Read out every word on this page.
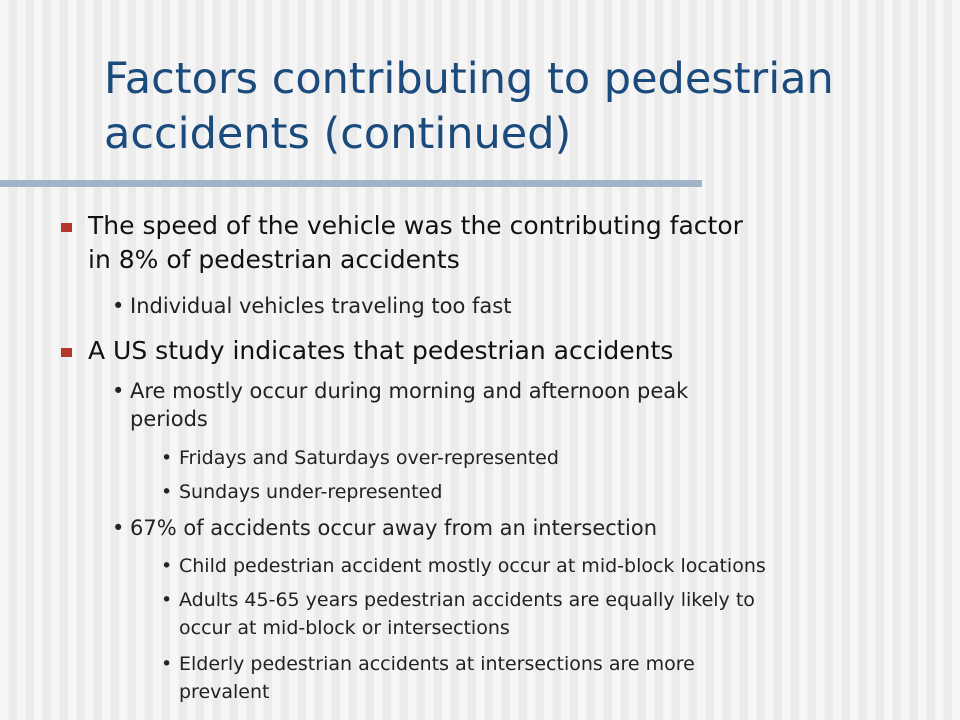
Factors contributing to pedestrian
accidents (continued)
The speed of the vehicle was the contributing factor
in 8% of pedestrian accidents
• Individual vehicles traveling too fast
A US study indicates that pedestrian accidents
• Are mostly occur during morning and afternoon peak
periods
• Fridays and Saturdays over-represented
• Sundays under-represented
• 67% of accidents occur away from an intersection
• Child pedestrian accident mostly occur at mid-block locations
• Adults 45-65 years pedestrian accidents are equally likely to
occur at mid-block or intersections
• Elderly pedestrian accidents at intersections are more
prevalent
